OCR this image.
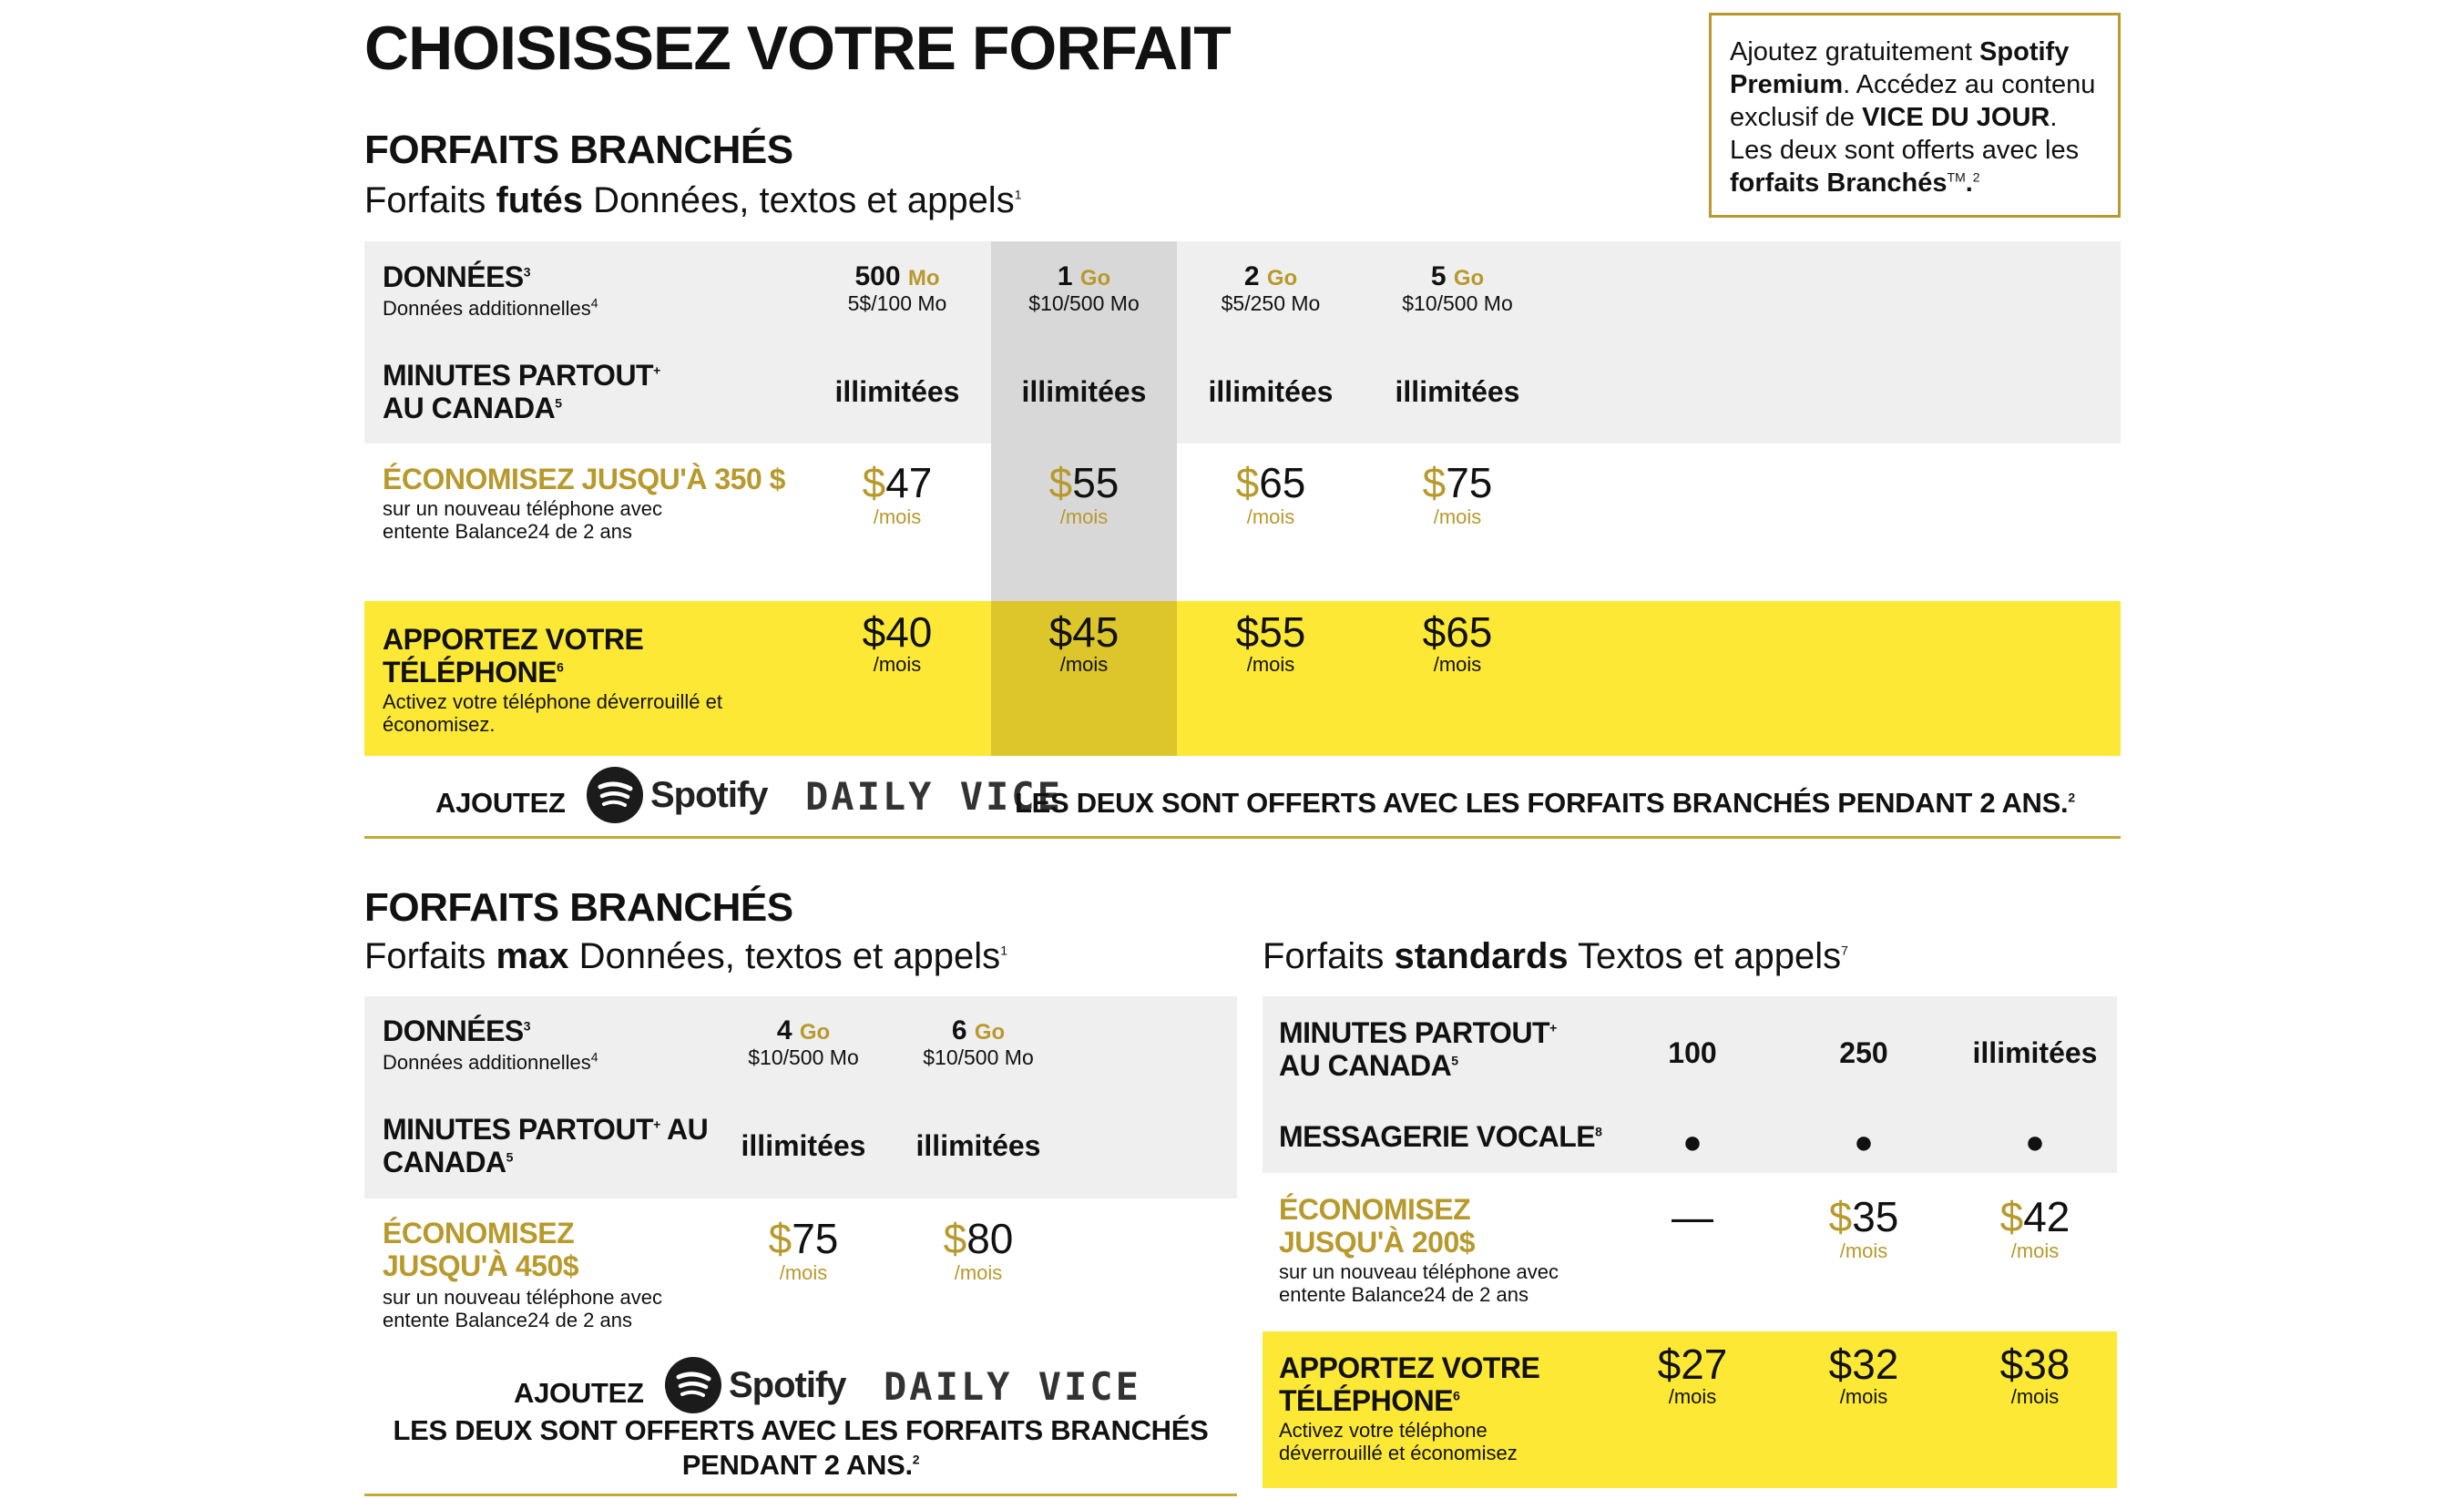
CHOISISSEZ VOTRE FORFAIT	Ajoutez gratuitement Spotify Premium. Accédez au contenu exclusif de VICE DU JOUR. Les deux sont offerts avec les forfaits Branchés™.$^2$
FORFAITS BRANCHÉS
Forfaits futés Données, textos et appels$^1$
DONNÉES$^3$
Données additionnelles$^4$
MINUTES PARTOUT+
AU CANADA$^5$
ÉCONOMISEZ JUSQU'À 350 $
sur un nouveau téléphone avec
entente Balance24 de 2 ans
APPORTEZ VOTRE
TÉLÉPHONE$^6$
Activez votre téléphone déverrouillé et
économisez.
500 Mo
5$/100 Mo
illimitées
$47
/mois
$40
/mois
1 Go
$10/500 Mo
illimitées
$55
/mois
$45
/mois
2 Go
$5/250 Mo
illimitées
$65
/mois
$55
/mois
5 Go
$10/500 Mo
illimitées
$75
/mois
$65
/mois
AJOUTEZ Spotify DAILY VICE
LES DEUX SONT OFFERTS AVEC LES FORFAITS BRANCHÉS PENDANT 2 ANS.$^2$
FORFAITS BRANCHÉS
Forfaits max Données, textos et appels$^1$
DONNÉES$^3$
Données additionnelles$^4$
MINUTES PARTOUT+ AU
CANADA$^5$
ÉCONOMISEZ
JUSQU'À 450$
sur un nouveau téléphone avec
entente Balance24 de 2 ans
4 Go
$10/500 Mo
illimitées
$75
/mois
6 Go
$10/500 Mo
illimitées
$80
/mois
AJOUTEZ Spotify DAILY VICE
LES DEUX SONT OFFERTS AVEC LES FORFAITS BRANCHÉS
PENDANT 2 ANS.$^2$
Forfaits standards Textos et appels$^7$
MINUTES PARTOUT+
AU CANADA$^5$
MESSAGERIE VOCALE$^8$
ÉCONOMISEZ
JUSQU'À 200$
sur un nouveau téléphone avec
entente Balance24 de 2 ans
APPORTEZ VOTRE
TÉLÉPHONE$^6$
Activez votre téléphone
déverrouillé et économisez
100
●
—
$27
/mois
250
●
$35
/mois
$32
/mois
illimitées
●
$42
/mois
$38
/mois
